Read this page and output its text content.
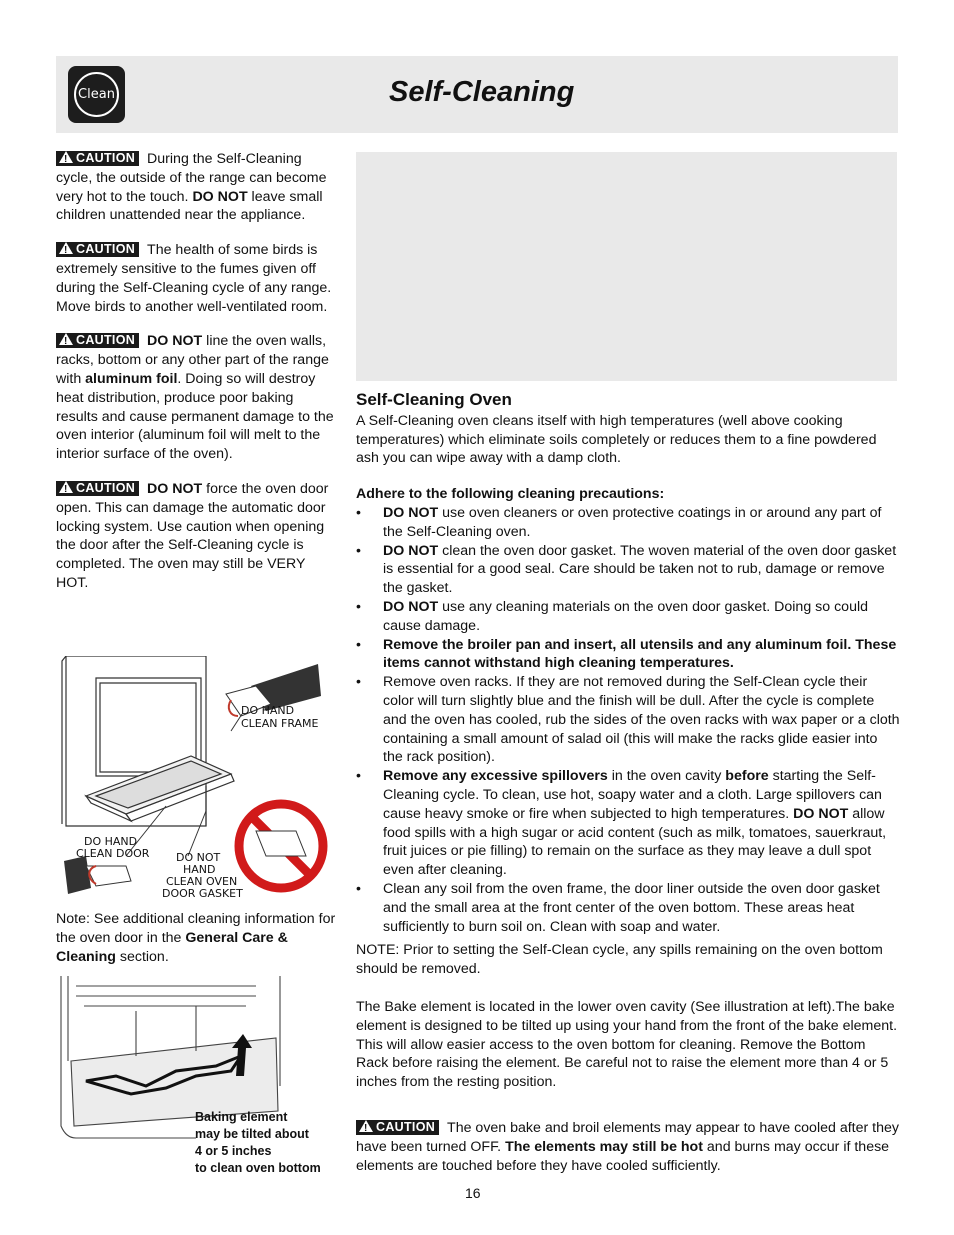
Clean	Self-Cleaning
!CAUTION During the Self-Cleaning cycle, the outside of the range can become very hot to the touch. DO NOT leave small children unattended near the appliance.
!CAUTION The health of some birds is extremely sensitive to the fumes given off during the Self-Cleaning cycle of any range. Move birds to another well-ventilated room.
!CAUTION DO NOT line the oven walls, racks, bottom or any other part of the range with aluminum foil. Doing so will destroy heat distribution, produce poor baking results and cause permanent damage to the oven interior (aluminum foil will melt to the interior surface of the oven).
!CAUTION DO NOT force the oven door open. This can damage the automatic door locking system. Use caution when opening the door after the Self-Cleaning cycle is completed. The oven may still be VERY HOT.
DO HAND
CLEAN FRAME
DO HAND
CLEAN DOOR DO NOT
HAND
CLEAN OVEN
DOOR GASKET
Note: See additional cleaning information for the oven door in the General Care & Cleaning section.
Baking element
may be tilted about
4 or 5 inches
to clean oven bottom
Self-Cleaning Oven

A Self-Cleaning oven cleans itself with high temperatures (well above cooking temperatures) which eliminate soils completely or reduces them to a fine powdered ash you can wipe away with a damp cloth.

Adhere to the following cleaning precautions:

• DO NOT use oven cleaners or oven protective coatings in or around any part of the Self-Cleaning oven.
• DO NOT clean the oven door gasket. The woven material of the oven door gasket is essential for a good seal. Care should be taken not to rub, damage or remove the gasket.
• DO NOT use any cleaning materials on the oven door gasket. Doing so could cause damage.
• Remove the broiler pan and insert, all utensils and any aluminum foil. These items cannot withstand high cleaning temperatures.
• Remove oven racks. If they are not removed during the Self-Clean cycle their color will turn slightly blue and the finish will be dull. After the cycle is complete and the oven has cooled, rub the sides of the oven racks with wax paper or a cloth containing a small amount of salad oil (this will make the racks glide easier into the rack position).
• Remove any excessive spillovers in the oven cavity before starting the Self-Cleaning cycle. To clean, use hot, soapy water and a cloth. Large spillovers can cause heavy smoke or fire when subjected to high temperatures. DO NOT allow food spills with a high sugar or acid content (such as milk, tomatoes, sauerkraut, fruit juices or pie filling) to remain on the surface as they may leave a dull spot even after cleaning.
• Clean any soil from the oven frame, the door liner outside the oven door gasket and the small area at the front center of the oven bottom. These areas heat sufficiently to burn soil on. Clean with soap and water.

NOTE: Prior to setting the Self-Clean cycle, any spills remaining on the oven bottom should be removed.

The Bake element is located in the lower oven cavity (See illustration at left).The bake element is designed to be tilted up using your hand from the front of the bake element. This will allow easier access to the oven bottom for cleaning. Remove the Bottom Rack before raising the element. Be careful not to raise the element more than 4 or 5 inches from the resting position.

!CAUTION The oven bake and broil elements may appear to have cooled after they have been turned OFF. The elements may still be hot and burns may occur if these elements are touched before they have cooled sufficiently.
16
